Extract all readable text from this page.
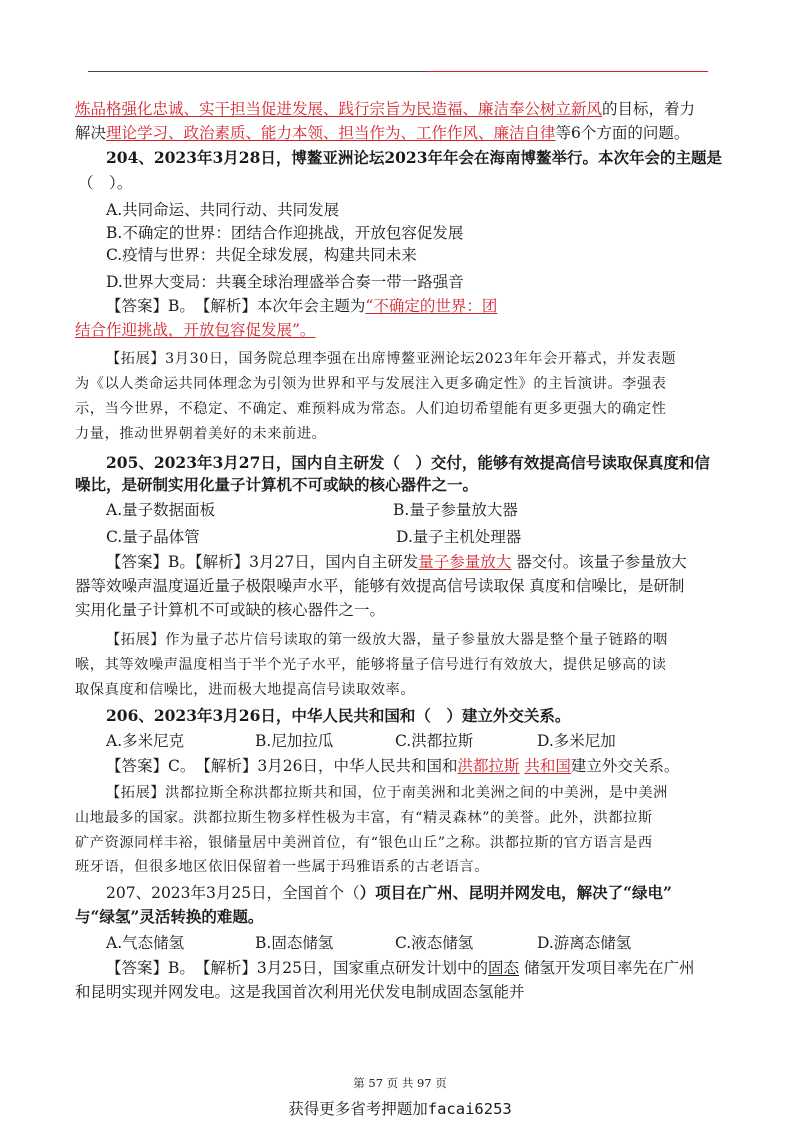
炼品格强化忠诚、实干担当促进发展、践行宗旨为民造福、廉洁奉公树立新风的目标，着力
解决理论学习、政治素质、能力本领、担当作为、工作作风、廉洁自律等6个方面的问题。
204、2023年3月28日，博鳌亚洲论坛2023年年会在海南博鳌举行。本次年会的主题是
（　）。
A.共同命运、共同行动、共同发展
B.不确定的世界：团结合作迎挑战，开放包容促发展
C.疫情与世界：共促全球发展，构建共同未来
D.世界大变局：共襄全球治理盛举合奏一带一路强音
【答案】B。　【解析】本次年会主题为“不确定的世界：团
结合作迎挑战，开放包容促发展”。
【拓展】3月30日，国务院总理李强在出席博鳌亚洲论坛2023年年会开幕式，并发表题
为《以人类命运共同体理念为引领为世界和平与发展注入更多确定性》的主旨演讲。李强表
示，当今世界，不稳定、不确定、难预料成为常态。人们迫切希望能有更多更强大的确定性
力量，推动世界朝着美好的未来前进。
205、2023年3月27日，国内自主研发（　）交付，能够有效提高信号读取保真度和信
噪比，是研制实用化量子计算机不可或缺的核心器件之一。
A.量子数据面板	B.量子参量放大器
C.量子晶体管	D.量子主机处理器
【答案】B。【解析】3月27日，国内自主研发量子参量放大 器交付。该量子参量放大
器等效噪声温度逼近量子极限噪声水平，能够有效提高信号读取保 真度和信噪比，是研制
实用化量子计算机不可或缺的核心器件之一。
【拓展】作为量子芯片信号读取的第一级放大器，量子参量放大器是整个量子链路的咽
喉，其等效噪声温度相当于半个光子水平，能够将量子信号进行有效放大，提供足够高的读
取保真度和信噪比，进而极大地提高信号读取效率。
206、2023年3月26日，中华人民共和国和（　）建立外交关系。
A.多米尼克	B.尼加拉瓜	C.洪都拉斯	D.多米尼加
【答案】C。　【解析】3月26日，中华人民共和国和洪都拉斯 共和国建立外交关系。
【拓展】洪都拉斯全称洪都拉斯共和国，位于南美洲和北美洲之间的中美洲，是中美洲
山地最多的国家。洪都拉斯生物多样性极为丰富，有“精灵森林”的美誉。此外，洪都拉斯
矿产资源同样丰裕，银储量居中美洲首位，有“银色山丘”之称。洪都拉斯的官方语言是西
班牙语，但很多地区依旧保留着一些属于玛雅语系的古老语言。
207、2023年3月25日，全国首个（）项目在广州、昆明并网发电，解决了“绿电”
与“绿氢”灵活转换的难题。
A.气态储氢	B.固态储氢	C.液态储氢	D.游离态储氢
【答案】B。　【解析】3月25日，国家重点研发计划中的固态 储氢开发项目率先在广州
和昆明实现并网发电。这是我国首次利用光伏发电制成固态氢能并
第 57 页 共 97 页
获得更多省考押题加facai6253
